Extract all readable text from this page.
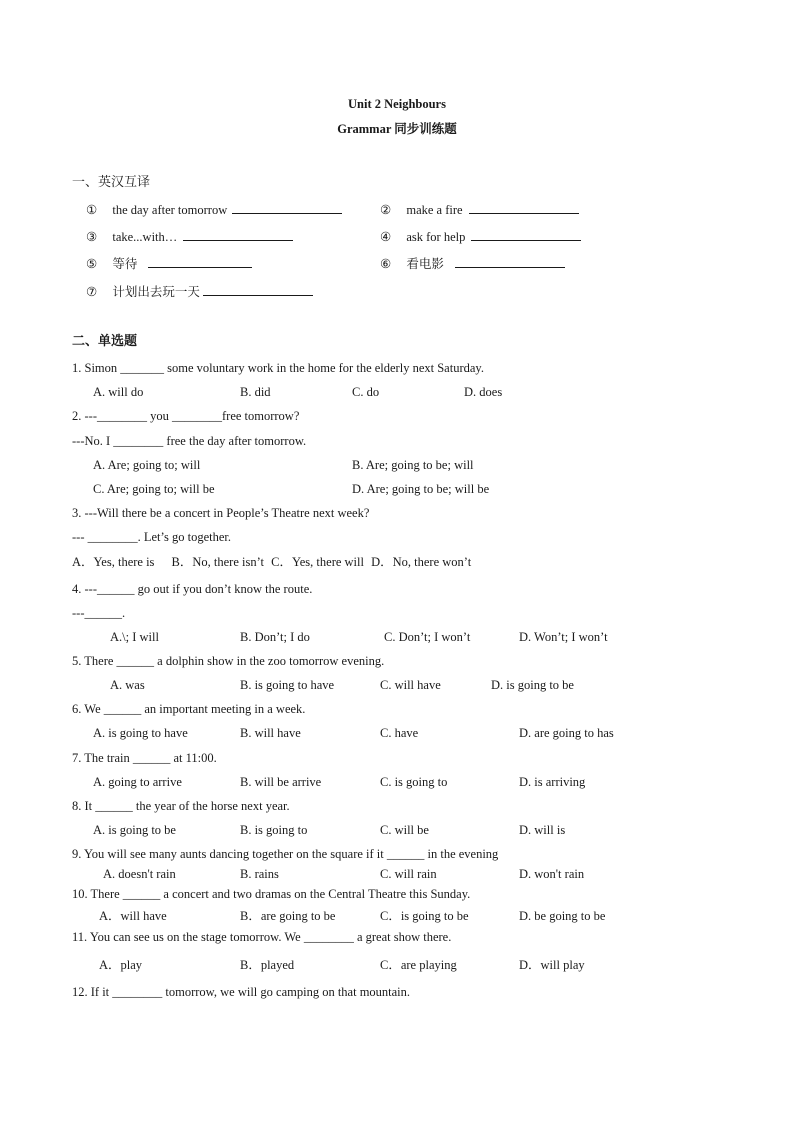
Unit 2 Neighbours
Grammar 同步训练题
一、英汉互译
① the day after tomorrow	② make a fire
③ take...with…	④ ask for help
⑤ 等待	⑥ 看电影
⑦ 计划出去玩一天
二、单选题
1. Simon _______ some voluntary work in the home for the elderly next Saturday.
A. will do	B. did	C. do	D. does
2. ---________ you ________free tomorrow?
---No. I ________ free the day after tomorrow.
A. Are; going to; will	B. Are; going to be; will
C. Are; going to; will be	D. Are; going to be; will be
3. ---Will there be a concert in People’s Theatre next week?
--- ________. Let’s go together.
A．Yes, there is B．No, there isn’t C．Yes, there will D．No, there won’t
4. ---______ go out if you don’t know the route.
---______.
A.\; I will	B. Don’t; I do	C. Don’t; I won’t	D. Won’t; I won’t
5. There ______ a dolphin show in the zoo tomorrow evening.
A. was	B. is going to have	C. will have	D. is going to be
6. We ______ an important meeting in a week.
A. is going to have	B. will have	C. have	D. are going to has
7. The train ______ at 11:00.
A. going to arrive	B. will be arrive	C. is going to	D. is arriving
8. It ______ the year of the horse next year.
A. is going to be	B. is going to	C. will be	D. will is
9. You will see many aunts dancing together on the square if it ______ in the evening
A. doesn't rain	B. rains	C. will rain	D. won't rain
10. There ______ a concert and two dramas on the Central Theatre this Sunday.
A．will have	B．are going to be	C．is going to be	D. be going to be
11. You can see us on the stage tomorrow. We ________ a great show there.
A．play	B．played	C．are playing	D．will play
12. If it ________ tomorrow, we will go camping on that mountain.
